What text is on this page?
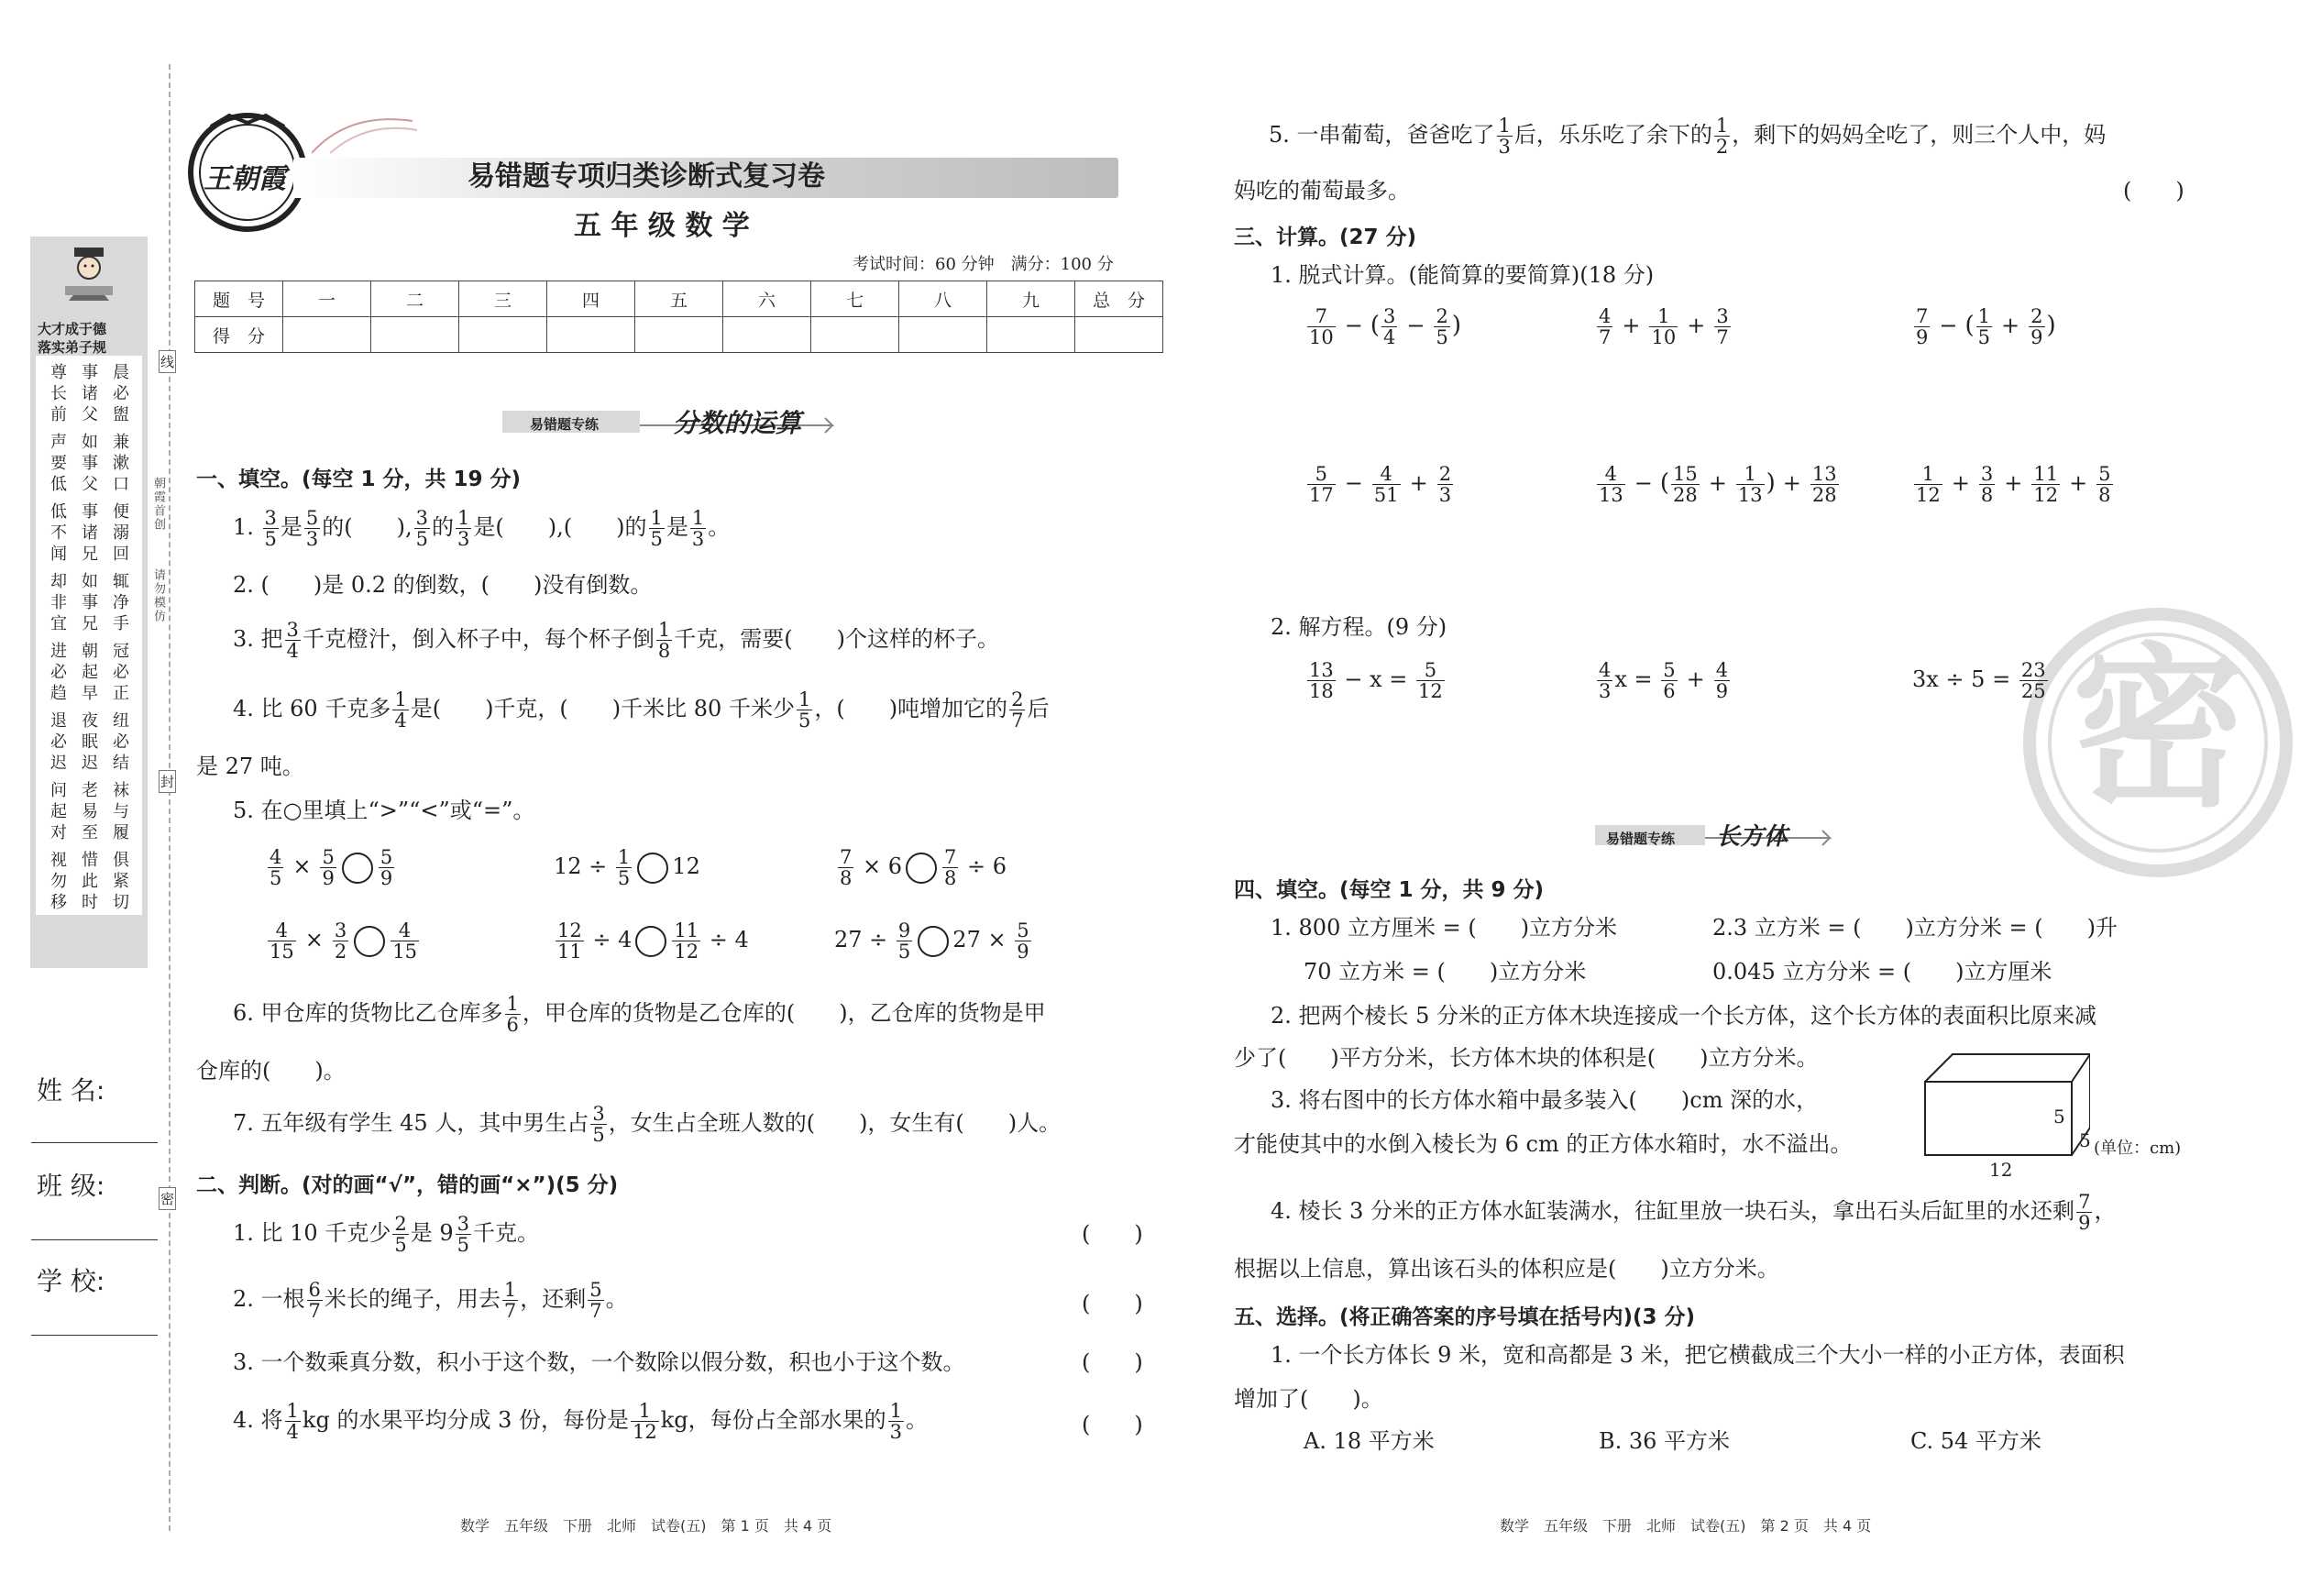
大才成于德
落实弟子规
晨必盥
事诸父
尊长前
兼漱口
如事父
声要低
便溺回
事诸兄
低不闻
辄净手
如事兄
却非宜
冠必正
朝起早
进必趋
纽必结
夜眠迟
退必迟
袜与履
老易至
问起对
俱紧切
惜此时
视勿移
朝霞首创
请勿模仿
线
封
密
姓 名:
班 级:
学 校:
王朝霞	易错题专项归类诊断式复习卷
五 年 级 数 学
考试时间：60 分钟　满分：100 分
题　号	一	二	三	四	五	六	七	八	九	总　分
得　分										
易错题专练	分数的运算
一、填空。(每空 1 分，共 19 分)
1. $\frac{3}{5}$ 是 $\frac{5}{3}$ 的(　　), $\frac{3}{5}$ 的 $\frac{1}{3}$ 是(　　),(　　)的 $\frac{1}{5}$ 是 $\frac{1}{3}$ 。
2. (　　)是 0.2 的倒数，(　　)没有倒数。
3. 把 $\frac{3}{4}$ 千克橙汁，倒入杯子中，每个杯子倒 $\frac{1}{8}$ 千克，需要(　　)个这样的杯子。
4. 比 60 千克多 $\frac{1}{4}$ 是(　　)千克，(　　)千米比 80 千米少 $\frac{1}{5}$ ，(　　)吨增加它的 $\frac{2}{7}$ 后
是 27 吨。
5. 在○里填上“>”“<”或“=”。
$\frac{4}{5} \times \frac{5}{9} \frac{5}{9}$	$12 \div \frac{1}{5} 12$	$\frac{7}{8} \times 6 \frac{7}{8} \div 6$
$\frac{4}{15} \times \frac{3}{2} \frac{4}{15}$	$\frac{12}{11} \div 4 \frac{11}{12} \div 4$	$27 \div \frac{9}{5} 27 \times \frac{5}{9}$
6. 甲仓库的货物比乙仓库多 $\frac{1}{6}$ ，甲仓库的货物是乙仓库的(　　)，乙仓库的货物是甲
仓库的(　　)。
7. 五年级有学生 45 人，其中男生占 $\frac{3}{5}$ ，女生占全班人数的(　　)，女生有(　　)人。
二、判断。(对的画“√”，错的画“×”)(5 分)
1. 比 10 千克少 $\frac{2}{5}$ 是 $9 \frac{3}{5}$ 千克。	(　　)
2. 一根 $\frac{6}{7}$ 米长的绳子，用去 $\frac{1}{7}$ ，还剩 $\frac{5}{7}$ 。	(　　)
3. 一个数乘真分数，积小于这个数，一个数除以假分数，积也小于这个数。	(　　)
4. 将 $\frac{1}{4}$ kg 的水果平均分成 3 份，每份是 $\frac{1}{12}$ kg，每份占全部水果的 $\frac{1}{3}$ 。	(　　)
数学　五年级　下册　北师　试卷(五)　第 1 页　共 4 页
密
5. 一串葡萄，爸爸吃了 $\frac{1}{3}$ 后，乐乐吃了余下的 $\frac{1}{2}$ ，剩下的妈妈全吃了，则三个人中，妈
妈吃的葡萄最多。	(　　)
三、计算。(27 分)
1. 脱式计算。(能简算的要简算)(18 分)
$\frac{7}{10}$ − ( $\frac{3}{4} - \frac{2}{5}$ )	$\frac{4}{7} + \frac{1}{10} + \frac{3}{7}$	$\frac{7}{9}$ − ( $\frac{1}{5} + \frac{2}{9}$ )
$\frac{5}{17} - \frac{4}{51} + \frac{2}{3}$	$\frac{4}{13}$ − ( $\frac{15}{28} + \frac{1}{13}$ ) + $\frac{13}{28}$	$\frac{1}{12} + \frac{3}{8} + \frac{11}{12} + \frac{5}{8}$
2. 解方程。(9 分)
$\frac{13}{18} - x = \frac{5}{12}$	$\frac{4}{3}$ $x = \frac{5}{6} + \frac{4}{9}$	$3x \div 5 = \frac{23}{25}$
易错题专练 长方体
四、填空。(每空 1 分，共 9 分)
1. 800 立方厘米 = (　　)立方分米	2.3 立方米 = (　　)立方分米 = (　　)升
70 立方米 = (　　)立方分米	0.045 立方分米 = (　　)立方厘米
2. 把两个棱长 5 分米的正方体木块连接成一个长方体，这个长方体的表面积比原来减
少了(　　)平方分米，长方体木块的体积是(　　)立方分米。
3. 将右图中的长方体水箱中最多装入(　　)cm 深的水，
才能使其中的水倒入棱长为 6 cm 的正方体水箱时，水不溢出。
5
5
12
(单位：cm)
4. 棱长 3 分米的正方体水缸装满水，往缸里放一块石头，拿出石头后缸里的水还剩 $\frac{7}{9}$ ，
根据以上信息，算出该石头的体积应是(　　)立方分米。
五、选择。(将正确答案的序号填在括号内)(3 分)
1. 一个长方体长 9 米，宽和高都是 3 米，把它横截成三个大小一样的小正方体，表面积
增加了(　　)。
A. 18 平方米	B. 36 平方米	C. 54 平方米
数学　五年级　下册　北师　试卷(五)　第 2 页　共 4 页
